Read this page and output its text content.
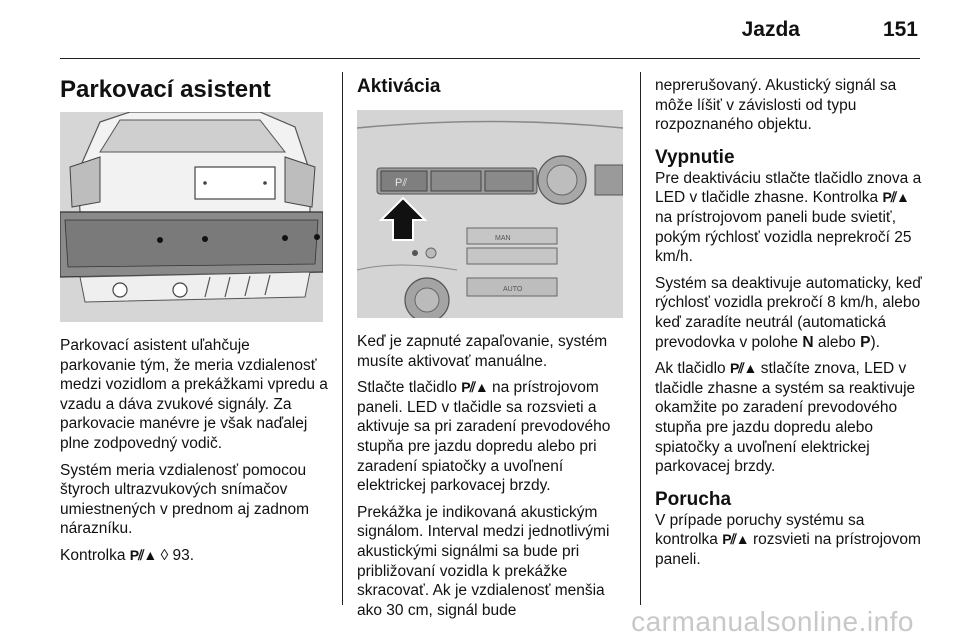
Jazda	151
Parkovací asistent

Parkovací asistent uľahčuje parkovanie tým, že meria vzdialenosť medzi vozidlom a prekážkami vpredu a vzadu a dáva zvukové signály. Za parkovacie manévre je však naďalej plne zodpovedný vodič.

Systém meria vzdialenosť pomocou štyroch ultrazvukových snímačov umiestnených v prednom aj zadnom nárazníku.

Kontrolka P⫽▲ ◊ 93.

Aktivácia
P⫽
MAN
AUTO

Keď je zapnuté zapaľovanie, systém musíte aktivovať manuálne.

Stlačte tlačidlo P⫽▲ na prístrojovom paneli. LED v tlačidle sa rozsvieti a aktivuje sa pri zaradení prevodového stupňa pre jazdu dopredu alebo pri zaradení spiatočky a uvoľnení elektrickej parkovacej brzdy.

Prekážka je indikovaná akustickým signálom. Interval medzi jednotlivými akustickými signálmi sa bude pri približovaní vozidla k prekážke skracovať. Ak je vzdialenosť menšia ako 30 cm, signál bude

neprerušovaný. Akustický signál sa môže líšiť v závislosti od typu rozpoznaného objektu.

Vypnutie

Pre deaktiváciu stlačte tlačidlo znova a LED v tlačidle zhasne. Kontrolka P⫽▲ na prístrojovom paneli bude svietiť, pokým rýchlosť vozidla neprekročí 25 km/h.

Systém sa deaktivuje automaticky, keď rýchlosť vozidla prekročí 8 km/h, alebo keď zaradíte neutrál (automatická prevodovka v polohe N alebo P).

Ak tlačidlo P⫽▲ stlačíte znova, LED v tlačidle zhasne a systém sa reaktivuje okamžite po zaradení prevodového stupňa pre jazdu dopredu alebo spiatočky a uvoľnení elektrickej parkovacej brzdy.

Porucha

V prípade poruchy systému sa kontrolka P⫽▲ rozsvieti na prístrojovom paneli.

carmanualsonline.info
